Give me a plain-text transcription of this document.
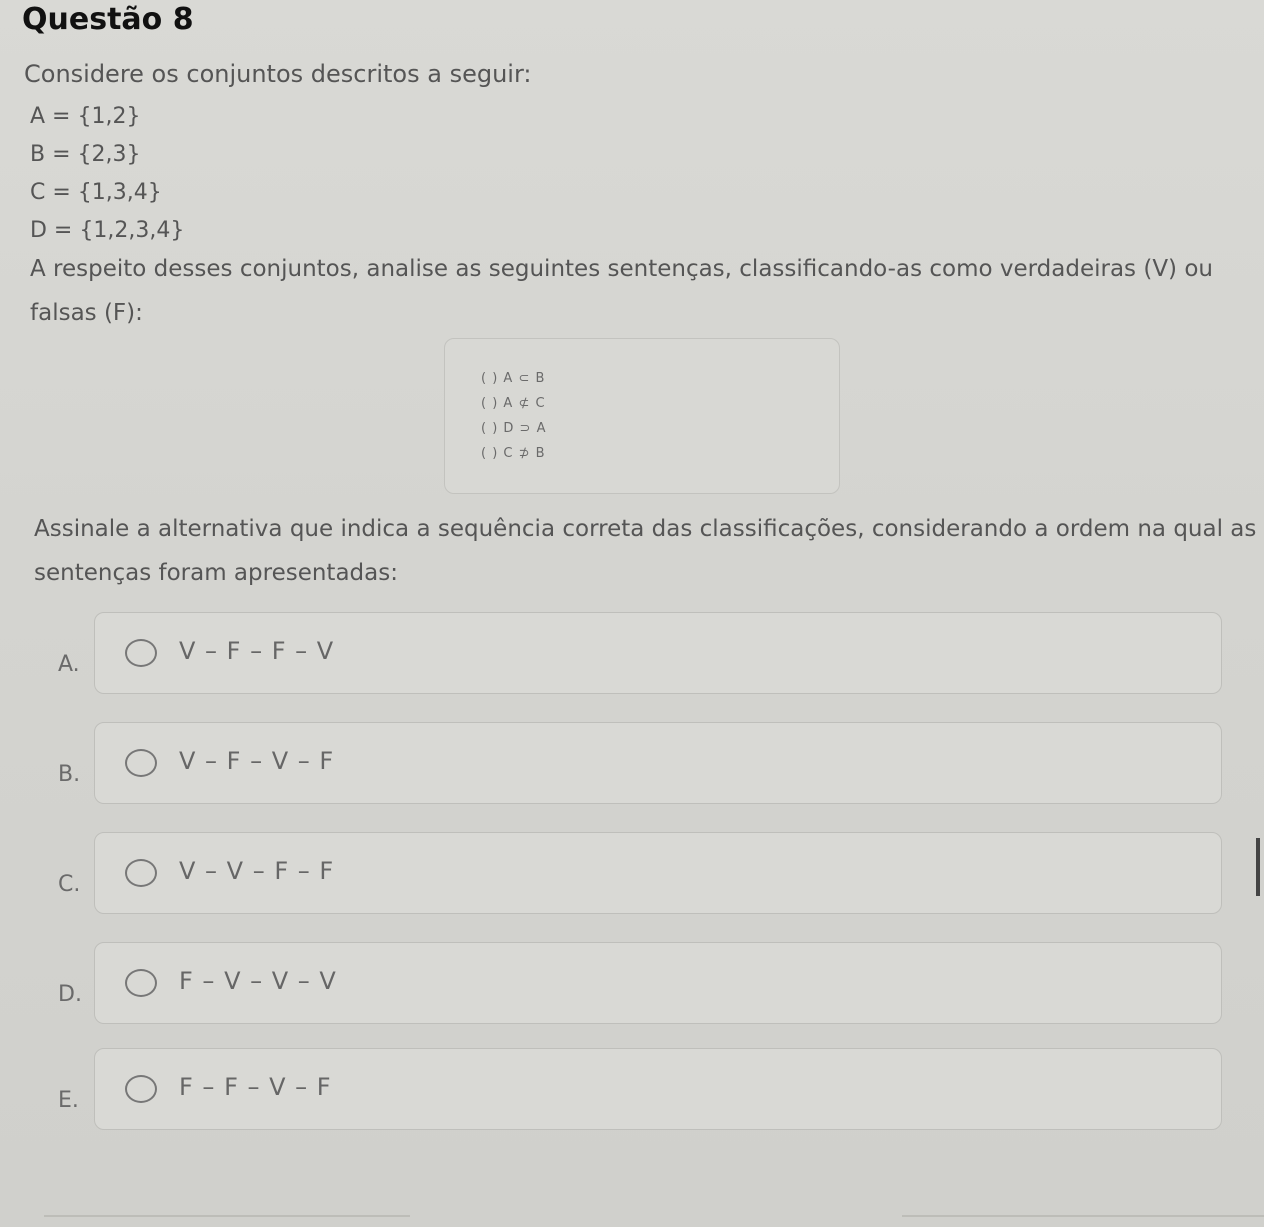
Questão 8
Considere os conjuntos descritos a seguir:
A = {1,2}
B = {2,3}
C = {1,3,4}
D = {1,2,3,4}
A respeito desses conjuntos, analise as seguintes sentenças, classificando-as como verdadeiras (V) ou
falsas (F):
( ) A ⊂ B
( ) A ⊄ C
( ) D ⊃ A
( ) C ⊅ B
Assinale a alternativa que indica a sequência correta das classificações, considerando a ordem na qual as
sentenças foram apresentadas:
A.	V – F – F – V
B.	V – F – V – F
C.	V – V – F – F
D.	F – V – V – V
E.	F – F – V – F
